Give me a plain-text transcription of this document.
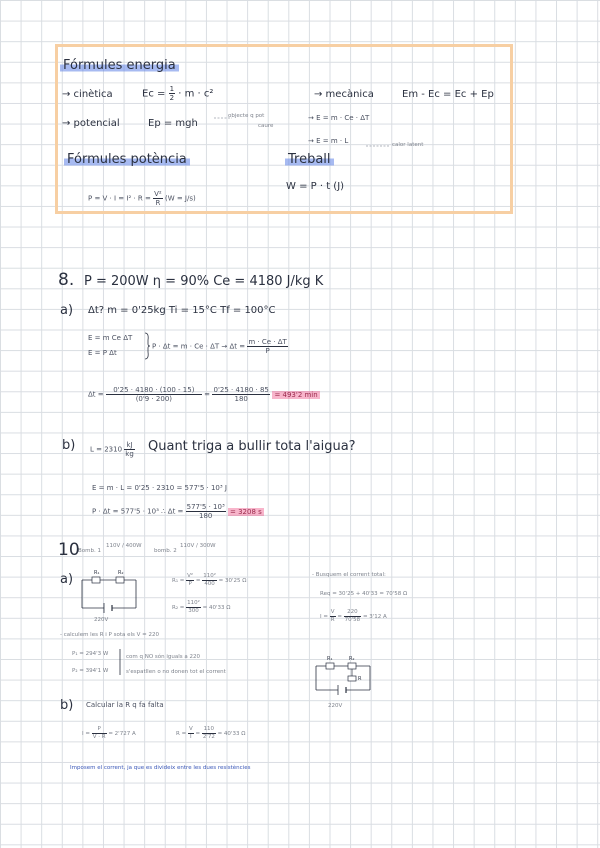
Fórmules energia
→ cinètica	$Ec = \frac{1}{2} \cdot m \cdot c^2$
→ potencial	Ep = mgh
objecte q pot
caure
→ mecànica	Em - Ec = Ec + Ep
→ E = m · Ce · ΔT
→ E = m · L	calor latent
Fórmules potència
$P = V \cdot I = I^2 \cdot R = \frac{\text{V²}}{R} (W = J/s)$
Treball
W = P · t (J)
8. P = 200W η = 90% Ce = 4180 J/kg K
a) Δt? m = 0'25kg Ti = 15°C Tf = 100°C
E = m Ce ΔT
E = P Δt
$P \cdot \Delta t = m \cdot Ce \cdot \Delta T \to \Delta t = \frac{m \cdot Ce \cdot \Delta T}{P}$
$\Delta t = \frac{0'25 \cdot 4180 \cdot (100 - 15)}{(0'9 \cdot 200)} = \frac{0'25 \cdot 4180 \cdot 85}{180} = 493'2$ min
b) $L = 2310 \frac{kJ}{kg}$ Quant triga a bullir tota l'aigua?
E = m · L = 0'25 · 2310 = 577'5 · 10³ J
P · Δt = 577'5 · 10³ ∴ $\Delta t = \frac{\text{577'5 · 10³}}{180} = 3208$ s
10
Bomb. 1
110V / 400W
bomb. 2
110V / 300W
a)	R₁	R₂
220V
$R_1 = \frac{\text{V²}}{P} = \frac{\text{110²}}{400} = 30'25$ Ω
$R_2 = \frac{\text{110²}}{300} = 40'33$ Ω
- Busquem el corrent total:
Req = 30'25 + 40'33 = 70'58 Ω
$I = \frac{V}{R} = \frac{220}{70'58} = 3'12$ A
- calculem les R i P sota els V = 220
P₁ = 294'3 W
P₂ = 394'1 W
com q NO són iguals a 220
s'espatllen o no donen tot el corrent
R₁	R₂
R
220V
b) Calcular la R q fa falta
$I = \frac{P}{V \cdot R} = 2'727$ A	$R = \frac{V}{I} = \frac{110}{2'72} = 40'33$ Ω
Imposem el corrent, ja que es divideix entre les dues resistències
